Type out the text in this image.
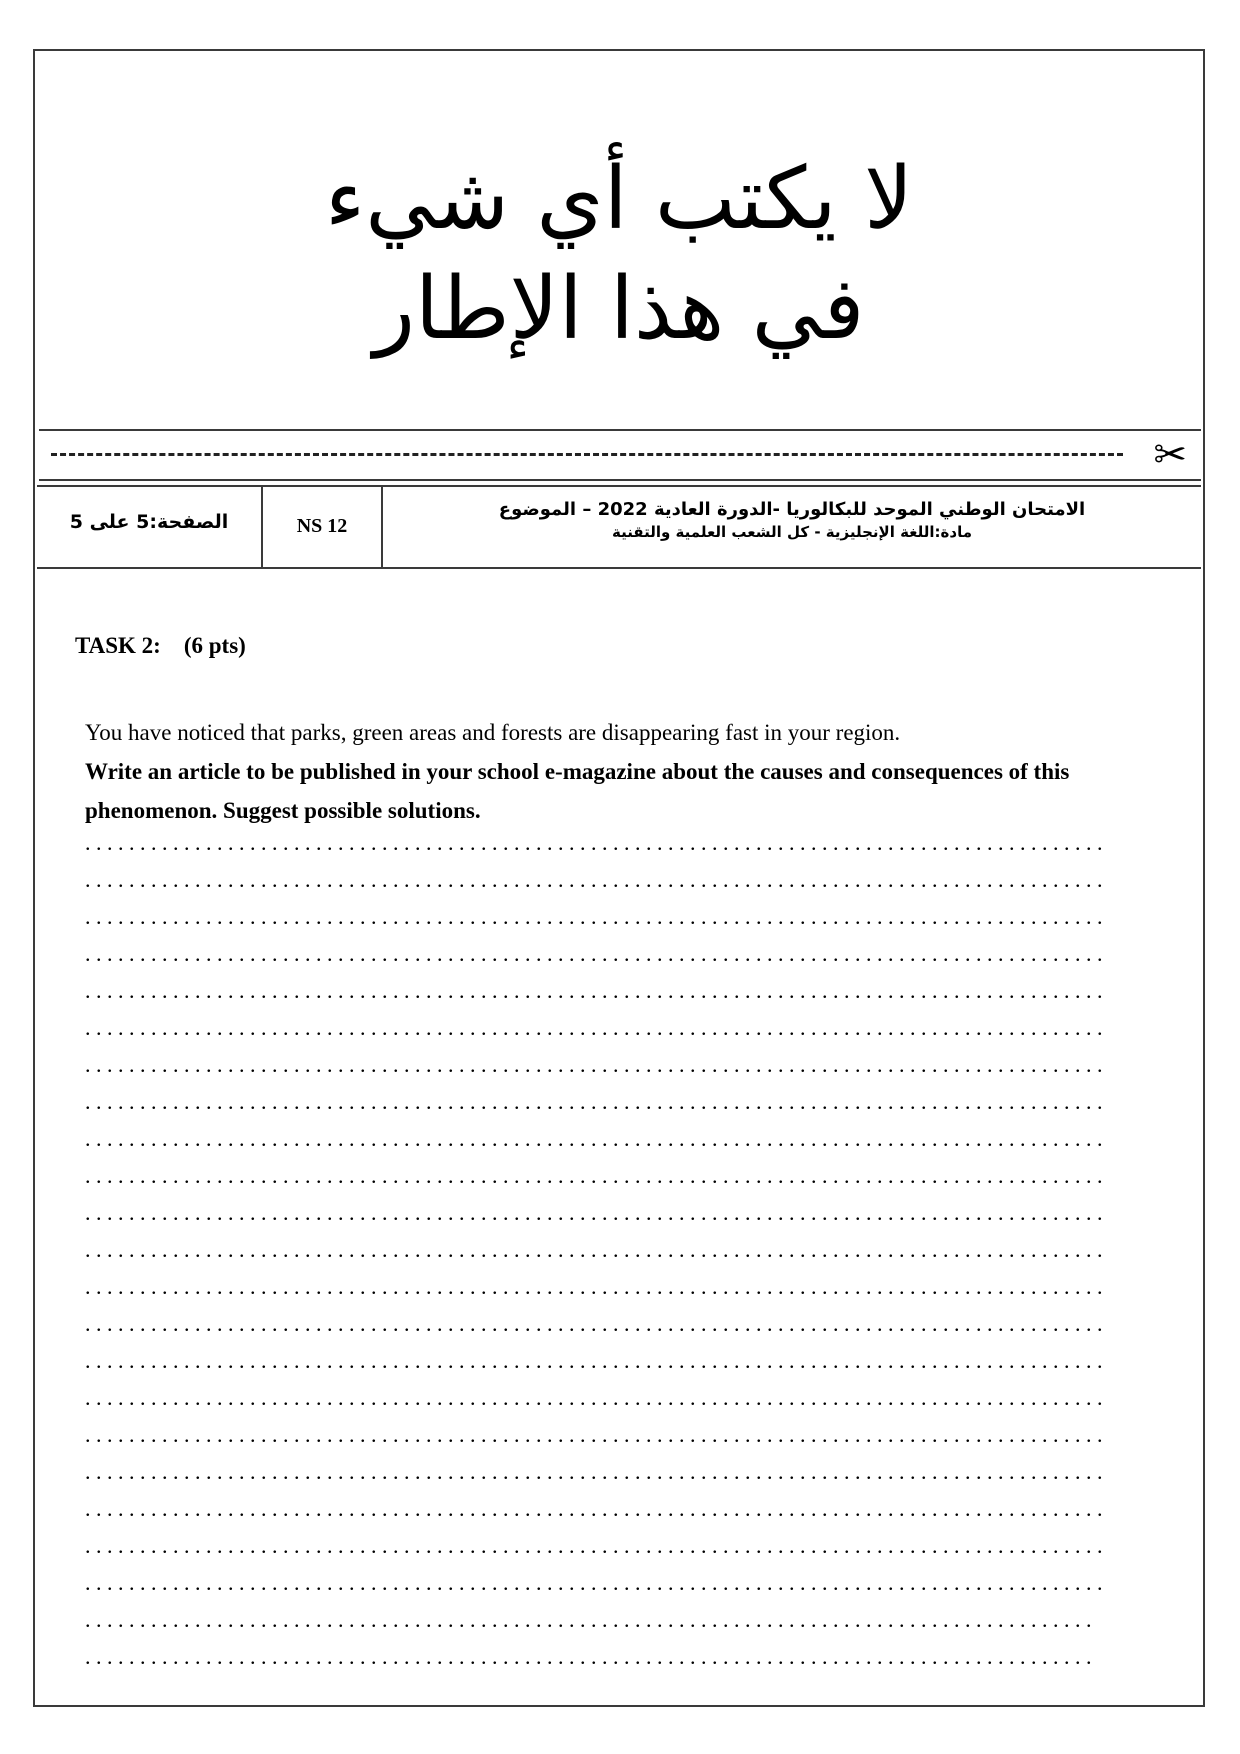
لا يكتب أي شيء
في هذا الإطار
✂
الصفحة:5 على 5	NS 12
الامتحان الوطني الموحد للبكالوريا -الدورة العادية 2022 – الموضوع
مادة:اللغة الإنجليزية - كل الشعب العلمية والتقنية
TASK 2:    (6 pts)
You have noticed that parks, green areas and forests are disappearing fast in your region.
Write an article to be published in your school e-magazine about the causes and consequences of this phenomenon. Suggest possible solutions.
.............................................................................................
.............................................................................................
.............................................................................................
.............................................................................................
.............................................................................................
.............................................................................................
.............................................................................................
.............................................................................................
.............................................................................................
.............................................................................................
.............................................................................................
.............................................................................................
.............................................................................................
.............................................................................................
.............................................................................................
.............................................................................................
.............................................................................................
.............................................................................................
.............................................................................................
.............................................................................................
.............................................................................................
............................................................................................
............................................................................................
